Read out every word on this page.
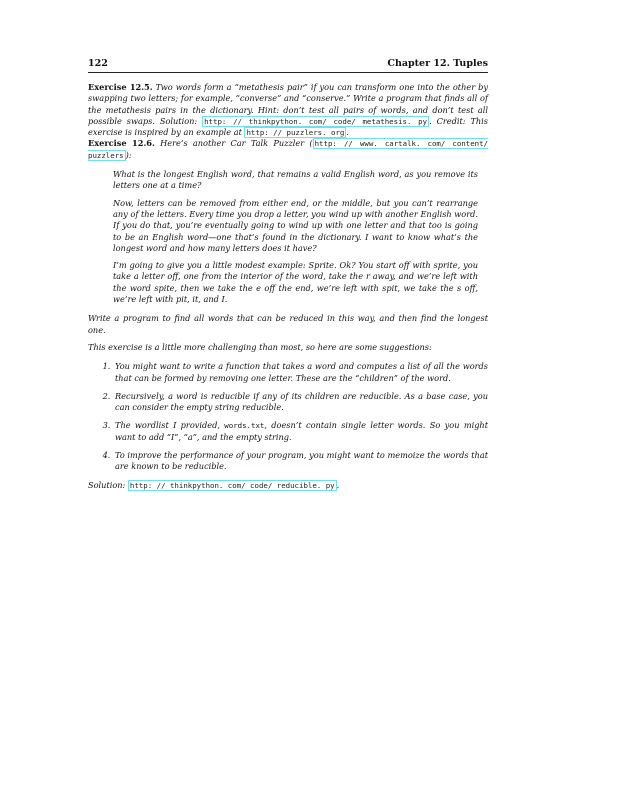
122	Chapter 12. Tuples
Exercise 12.5. Two words form a “metathesis pair” if you can transform one into the other by swapping two letters; for example, “converse” and “conserve.” Write a program that finds all of the metathesis pairs in the dictionary. Hint: don’t test all pairs of words, and don’t test all possible swaps. Solution: http: // thinkpython. com/ code/ metathesis. py . Credit: This exercise is inspired by an example at http: // puzzlers. org .
Exercise 12.6. Here’s another Car Talk Puzzler ( http: // www. cartalk. com/ content/ puzzlers ):

What is the longest English word, that remains a valid English word, as you remove its letters one at a time?

Now, letters can be removed from either end, or the middle, but you can’t rearrange any of the letters. Every time you drop a letter, you wind up with another English word. If you do that, you’re eventually going to wind up with one letter and that too is going to be an English word—one that’s found in the dictionary. I want to know what’s the longest word and how many letters does it have?

I’m going to give you a little modest example: Sprite. Ok? You start off with sprite, you take a letter off, one from the interior of the word, take the r away, and we’re left with the word spite, then we take the e off the end, we’re left with spit, we take the s off, we’re left with pit, it, and I.

Write a program to find all words that can be reduced in this way, and then find the longest one.

This exercise is a little more challenging than most, so here are some suggestions:

1. You might want to write a function that takes a word and computes a list of all the words that can be formed by removing one letter. These are the “children” of the word.
2. Recursively, a word is reducible if any of its children are reducible. As a base case, you can consider the empty string reducible.
3. The wordlist I provided, words.txt, doesn’t contain single letter words. So you might want to add “I”, “a”, and the empty string.
4. To improve the performance of your program, you might want to memoize the words that are known to be reducible.
Solution: http: // thinkpython. com/ code/ reducible. py .
